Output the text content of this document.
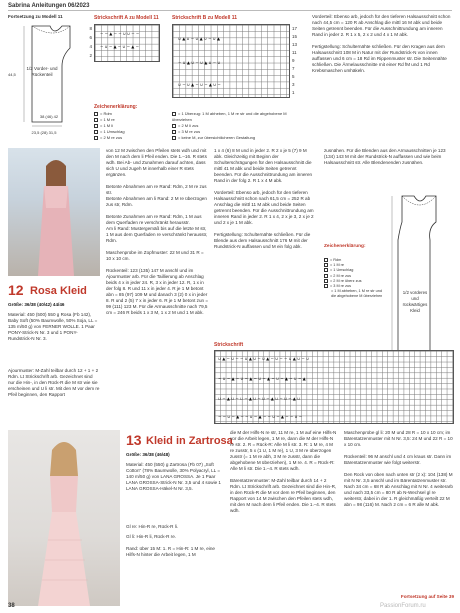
Sabrina Anleitungen 06/2023
Fortsetzung zu Modell 11
1/2 Vorder- und Rückenteil
44,5
38 (46) 42
23,5 (28) 31,5
Strickschrift A zu Modell 11
8
6
4
2
− − ▲ − − ∪ ∪ − −
− ∪ − ▲ − ∪ − ▲ −
Strickschrift B zu Modell 11
17
15
13
11
9
7
5
3
1
∪ ▲ ∪ − ∪ ▲ ∪ − ∪ ▲
− ∪ ▲ ∪ − ∪ ▲ ∪ − ∪
∪ − ∪ ▲ − ∪ − ▲ ∪ −
Zeichenerklärung:
= Rdm
= 1 M re
= 1 M li
= 1 Umschlag
= 2 M re zus
= 1 Überzug: 1 M abheben, 1 M re str und die abgehobene M überziehen
= 2 M li zus
= 3 M re zus
= keine M, zur übersichtlicheren Gestaltung
Vorderteil: Ebenso arb, jedoch für den tieferen Halsausschnitt schon nach 44,5 cm = 120 R ab Anschlag die mittl 16 M abk und beide Seiten getrennt beenden. Für die Ausschnittrundung am inneren Rand in jeder 2. R 1 x 5, 2 x 2 und 4 x 1 M abk.

Fertigstellung: Schulternähte schließen. Für den Kragen aus dem Halsausschnitt 108 M in Natur mit der Rundstrick-N von innen auffassen und 6 cm = 18 Rd im Rippenmuster str. Die Seitennähte schließen. Die Ärmelausschnitte mit einer Rd fM und 1 Rd Krebsmaschen umhäkeln.
12 Rosa Kleid
Größe: 36/38 (40/42) 44/46
Material: 450 (500) 550 g Rosa (Fb 142), Baby Soft (50% Baumwolle, 50% Soja, LL = 135 m/50 g) von FERNER WOLLE. 1 Paar PONY-Strick-N Nr. 3 und 1 PONY-Rundstrick-N Nr. 3.
Ajourmuster: M-Zahl teilbar durch 12 + 1 + 2 Rdm. Lt Strickschrift arb. Gezeichnet sind nur die Hin-, in den Rück-R die M str wie sie erscheinen und U li str. Mit den M vor dem re Pfeil beginnen, den Rapport
von 12 M zwischen den Pfeilen stets wdh und mit den M nach dem li Pfeil enden. Die 1.–16. R stets wdh. Bei Ab- und Zunahmen darauf achten, dass sich U und zugeh M innerhalb einer R stets ergänzen.

Betonte Abnahmen am re Rand: Rdm, 2 M re zus str.
Betonte Abnahmen am li Rand: 2 M re überzogen zus str, Rdm.

Betonte Zunahmen am re Rand: Rdm, 1 M aus dem Querfaden re verschränkt herausstr.
Am li Rand: Mustergemäß bis auf die letzte M str, 1 M aus dem Querfaden re verschränkt herausstr, Rdm.

Maschenprobe im Zopfmuster: 22 M und 31 R = 10 x 10 cm.

Rückenteil: 123 (135) 147 M anschl und im Ajourmuster arb. Für die Taillierung ab Anschlag beids 4 x in jeder 24. R, 3 x in jeder 12. R, 1 x in der folg 8. R und 11 x in jeder 4. R je 1 M betont abn = 85 (97) 109 M und danach 3 (2) 0 x in jeder 8. R und 2 (5) 7 x in jeder 6. R je 1 M betont zun = 99 (111) 123 M. Für die Armausschnitte nach 79,5 cm = 246 R beids 1 x 3 M, 1 x 2 M und 1 M abk.
1 x 4 (6) 8 M und in jeder 2. R 2 x je 5 (7) 9 M abk. Gleichzeitig mit Beginn der Schulterschrägungen für den Halsausschnitt die mittl 41 M abk und beide Seiten getrennt beenden. Für die Ausschnittrundung am inneren Rand in der folg 2. R 1 x 4 M abk.

Vorderteil: Ebenso arb, jedoch für den tieferen Halsausschnitt schon nach 61,5 cm = 252 R ab Anschlag die mittl 11 M abk und beide Seiten getrennt beenden. Für die Ausschnittrundung am inneren Rand in jeder 2. R 1 x 4, 2 x je 3, 2 x je 2 und 2 x je 1 M abk.

Fertigstellung: Schulternähte schließen. Für die Blende aus dem Halsausschnitt 176 M mit der Rundstrick-N auffassen und M ein folg abk.
zusnähen. Für die Blenden aus den Armausschnitten je 123 (134) 143 M mit der Rundstrick-N auffassen und wie beim Halsausschnitt str. Alle Blendenenden zusnähen.
Zeichenerklärung:
= Rdm
= 1 M re
= 1 Umschlag
= 2 M re zus
= 2 M re überz zus
= 3 M re zus
= 1 M abheben, 1 M re str und die abgehobene M überziehen
1/2 vorderes und rückwärtiges Kleid
Strickschrift
∪ ▲ − ∪ − − ∪ ▲ ∪ − ∪ ▲ − ∪ − − ∪ ▲ ∪ − ∪
− ∪ − ▲ − ∪ − ▲ − ∪ − ▲ − ∪ − ▲ − ∪ − ▲
∪ − ▲ ∪ − ∪ − ▲ ∪ − ∪ − ▲ ∪ − ∪ − ▲ ∪
− − ∪ − ▲ − − ∪ − ▲ − − ∪ − ▲ − − ∪ −
13 Kleid in Zartrosa
Größe: 36/38 (46/48)
Material: 450 (550) g Zartrosa (Fb 07) „Soft Cotton" (78% Baumwolle, 30% Polyacryl, LL = 140 m/50 g) von LANA GROSSA. Je 1 Paar LANA GROSSA-Strick-N Nr. 3,5 und 4 sowie 1 LANA GROSSA-Häkel-N Nr. 3,5.
Gl re: Hin-R re, Rück-R li.
Gl li: Hin-R li, Rück-R re.
Rand: über 15 M: 1. R = Hin-R: 1 M re, eine Hilfs-N hinter die Arbeit legen, 1 M
die M der Hilfs-N re str, 11 M re, 1 M auf eine Hilfs-N vor die Arbeit legen, 1 M re, dann die M der Hilfs-N re str. 2. R = Rück-R: Alle M li str. 3. R: 1 M re, 4 M re zusstr, 5 x (1 U, 1 M re), 1 U, 3 M re überzogen zusstr (= 1 M re abh, 3 M re zusstr, dann die abgehobene M überziehen), 1 M re. 4. R = Rück-R: Alle M li str. Die 1.–4. R stets wdh.

Bärentatzenmuster: M-Zahl teilbar durch 14 + 2 Rdm. Lt Strickschrift arb. Gezeichnet sind die Hin-R, in den Rück-R die M vor dem re Pfeil beginnen, den Rapport von 14 M zwischen den Pfeilen stets wdh, mit den M nach dem li Pfeil enden. Die 1.–4. R stets wdh.
Maschenprobe gl li: 20 M und 28 R = 10 x 10 cm; im Bärentatzenmuster mit N Nr. 3,5: 24 M und 22 R = 10 x 10 cm.

Rückenteil: 96 M anschl und 4 cm kraus str. Dann im Bärentatzenmuster wie folgt weiterstr.

Den Rock von oben nach unten str (2 x): 104 (138) M mit N Nr. 3,5 anschl und im Bärentatzenmuster str. Nach 34 cm = 68 R ab Anschlag mit N Nr. 4 weiterarb und nach 33,5 cm = 80 R ab N-Wechsel gl re weiterstr, dabei in der 1. R gleichmäßig verteilt 22 M abn = 98 (116) M. Nach 2 cm = 6 R alle M abk.
Fortsetzung auf Seite 39
38	PassionForum.ru
